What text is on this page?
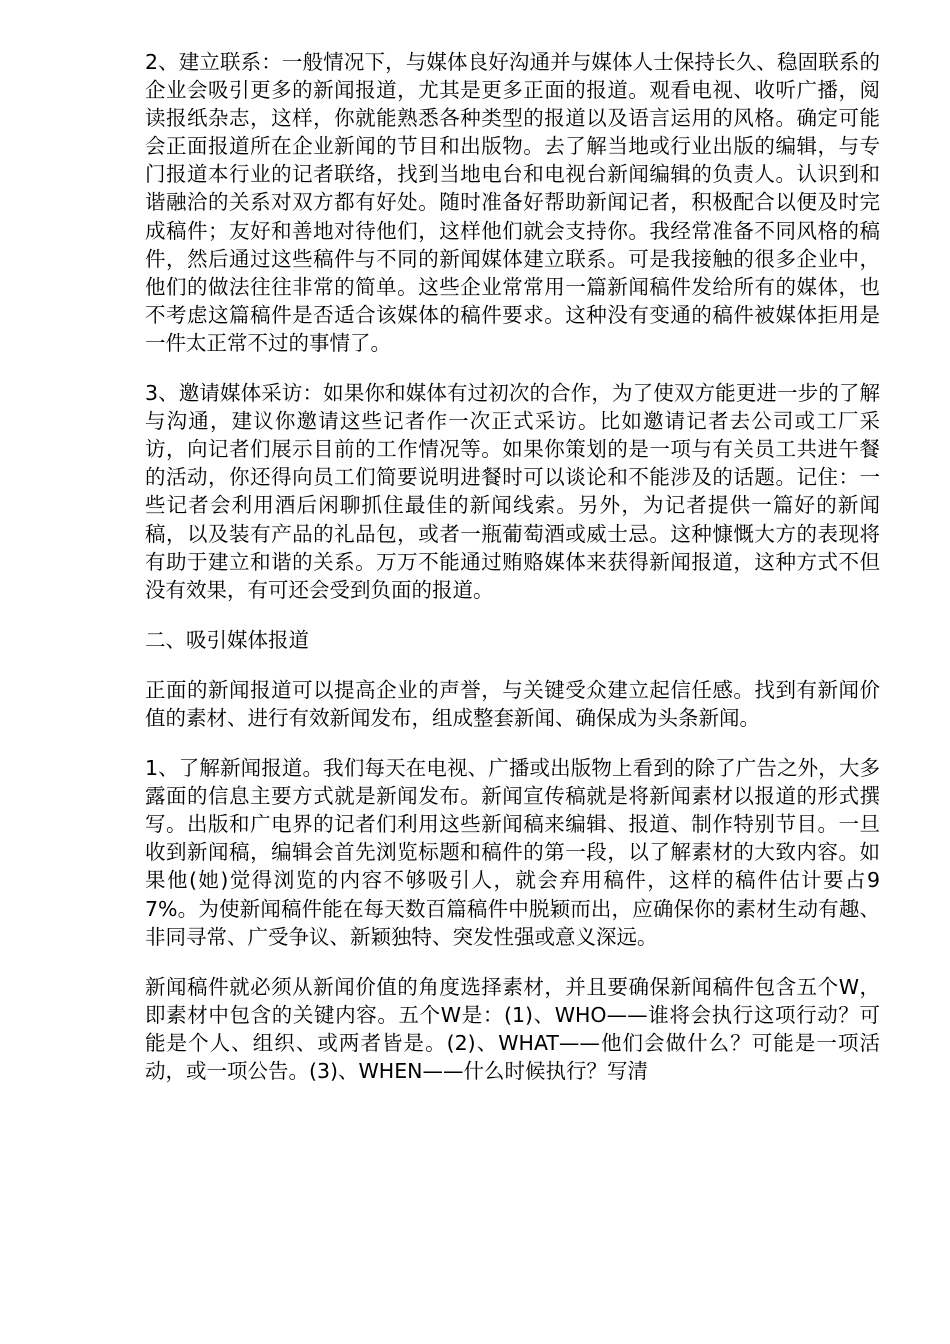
2、建立联系：一般情况下，与媒体良好沟通并与媒体人士保持长久、稳固联系的企业会吸引更多的新闻报道，尤其是更多正面的报道。观看电视、收听广播，阅读报纸杂志，这样，你就能熟悉各种类型的报道以及语言运用的风格。确定可能会正面报道所在企业新闻的节目和出版物。去了解当地或行业出版的编辑，与专门报道本行业的记者联络，找到当地电台和电视台新闻编辑的负责人。认识到和谐融洽的关系对双方都有好处。随时准备好帮助新闻记者，积极配合以便及时完成稿件；友好和善地对待他们，这样他们就会支持你。我经常准备不同风格的稿件，然后通过这些稿件与不同的新闻媒体建立联系。可是我接触的很多企业中，他们的做法往往非常的简单。这些企业常常用一篇新闻稿件发给所有的媒体，也不考虑这篇稿件是否适合该媒体的稿件要求。这种没有变通的稿件被媒体拒用是一件太正常不过的事情了。

3、邀请媒体采访：如果你和媒体有过初次的合作，为了使双方能更进一步的了解与沟通，建议你邀请这些记者作一次正式采访。比如邀请记者去公司或工厂采访，向记者们展示目前的工作情况等。如果你策划的是一项与有关员工共进午餐的活动，你还得向员工们简要说明进餐时可以谈论和不能涉及的话题。记住：一些记者会利用酒后闲聊抓住最佳的新闻线索。另外，为记者提供一篇好的新闻稿，以及装有产品的礼品包，或者一瓶葡萄酒或威士忌。这种慷慨大方的表现将有助于建立和谐的关系。万万不能通过贿赂媒体来获得新闻报道，这种方式不但没有效果，有可还会受到负面的报道。

二、吸引媒体报道

正面的新闻报道可以提高企业的声誉，与关键受众建立起信任感。找到有新闻价值的素材、进行有效新闻发布，组成整套新闻、确保成为头条新闻。

1、了解新闻报道。我们每天在电视、广播或出版物上看到的除了广告之外，大多露面的信息主要方式就是新闻发布。新闻宣传稿就是将新闻素材以报道的形式撰写。出版和广电界的记者们利用这些新闻稿来编辑、报道、制作特别节目。一旦收到新闻稿，编辑会首先浏览标题和稿件的第一段，以了解素材的大致内容。如果他(她)觉得浏览的内容不够吸引人，就会弃用稿件，这样的稿件估计要占97%。为使新闻稿件能在每天数百篇稿件中脱颖而出，应确保你的素材生动有趣、非同寻常、广受争议、新颖独特、突发性强或意义深远。

新闻稿件就必须从新闻价值的角度选择素材，并且要确保新闻稿件包含五个W，即素材中包含的关键内容。五个W是：(1)、WHO——谁将会执行这项行动？可能是个人、组织、或两者皆是。(2)、WHAT——他们会做什么？可能是一项活动，或一项公告。(3)、WHEN——什么时候执行？写清
